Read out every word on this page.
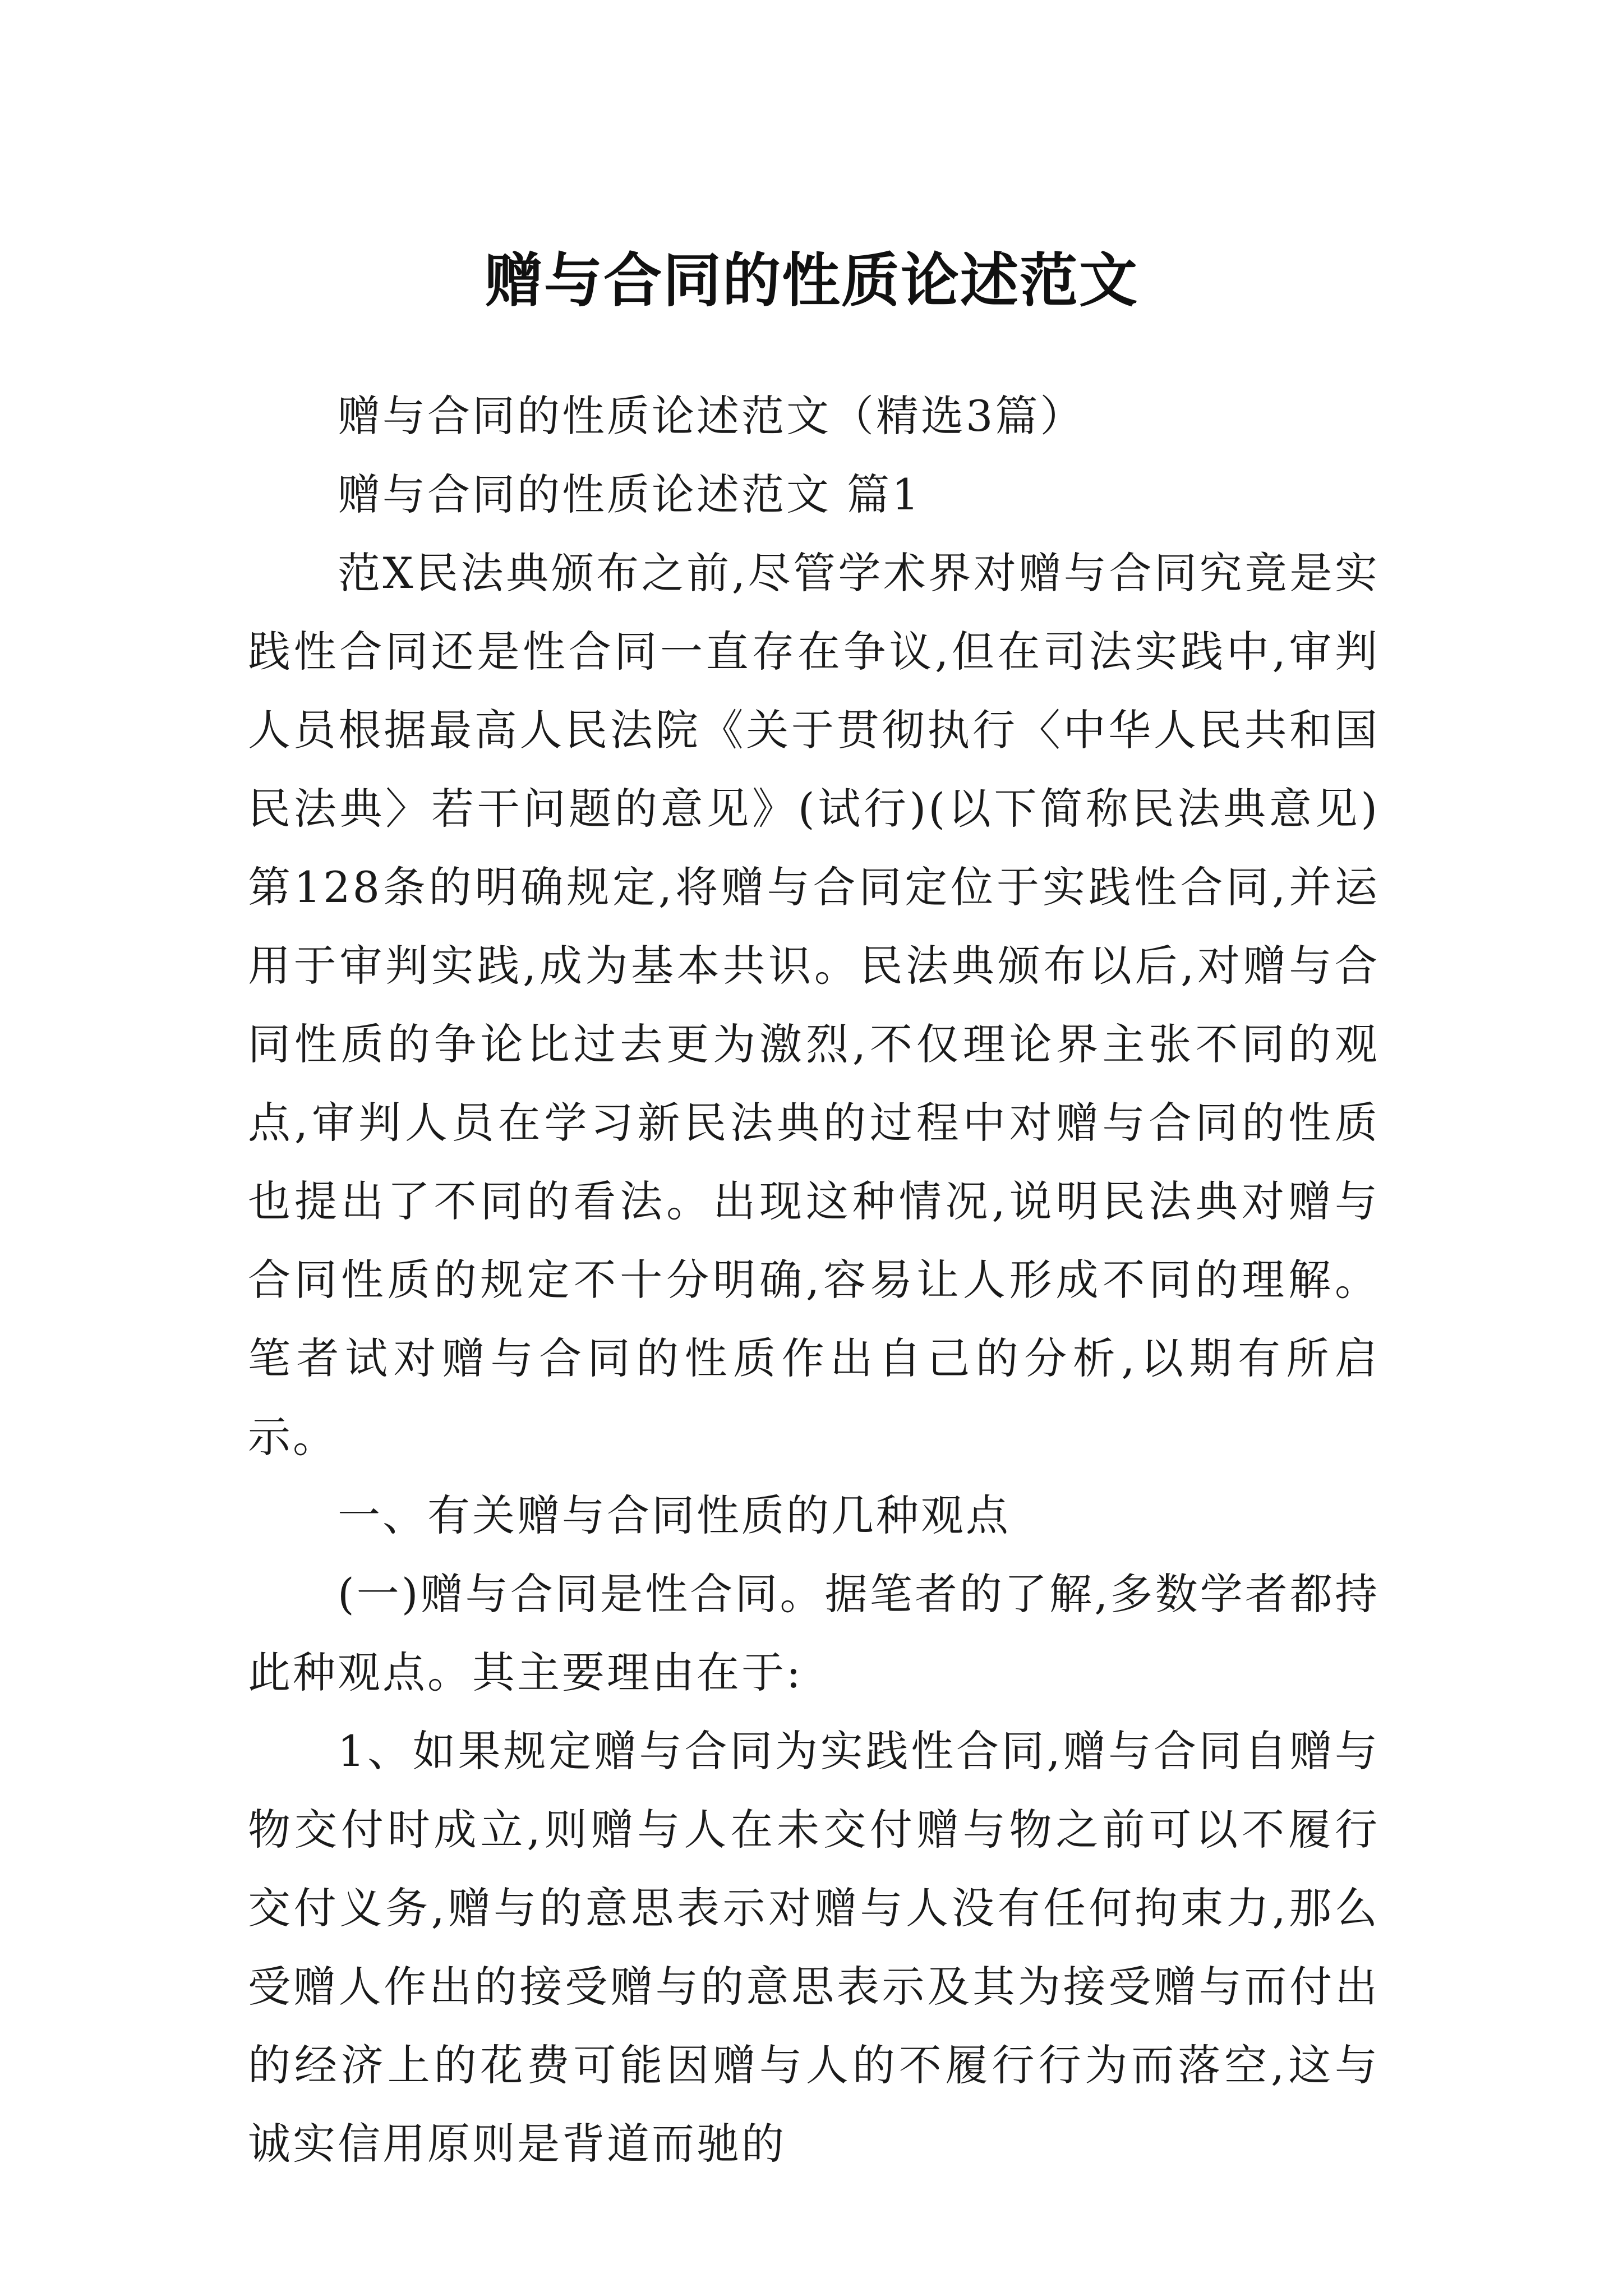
赠与合同的性质论述范文

赠与合同的性质论述范文（精选3篇）

赠与合同的性质论述范文 篇1

范X民法典颁布之前,尽管学术界对赠与合同究竟是实践性合同还是性合同一直存在争议,但在司法实践中,审判人员根据最高人民法院《关于贯彻执行〈中华人民共和国民法典〉若干问题的意见》(试行)(以下简称民法典意见)第128条的明确规定,将赠与合同定位于实践性合同,并运用于审判实践,成为基本共识。民法典颁布以后,对赠与合同性质的争论比过去更为激烈,不仅理论界主张不同的观点,审判人员在学习新民法典的过程中对赠与合同的性质也提出了不同的看法。出现这种情况,说明民法典对赠与合同性质的规定不十分明确,容易让人形成不同的理解。笔者试对赠与合同的性质作出自己的分析,以期有所启示。

一、有关赠与合同性质的几种观点

(一)赠与合同是性合同。据笔者的了解,多数学者都持此种观点。其主要理由在于:

1、如果规定赠与合同为实践性合同,赠与合同自赠与物交付时成立,则赠与人在未交付赠与物之前可以不履行交付义务,赠与的意思表示对赠与人没有任何拘束力,那么受赠人作出的接受赠与的意思表示及其为接受赠与而付出的经济上的花费可能因赠与人的不履行行为而落空,这与诚实信用原则是背道而驰的
